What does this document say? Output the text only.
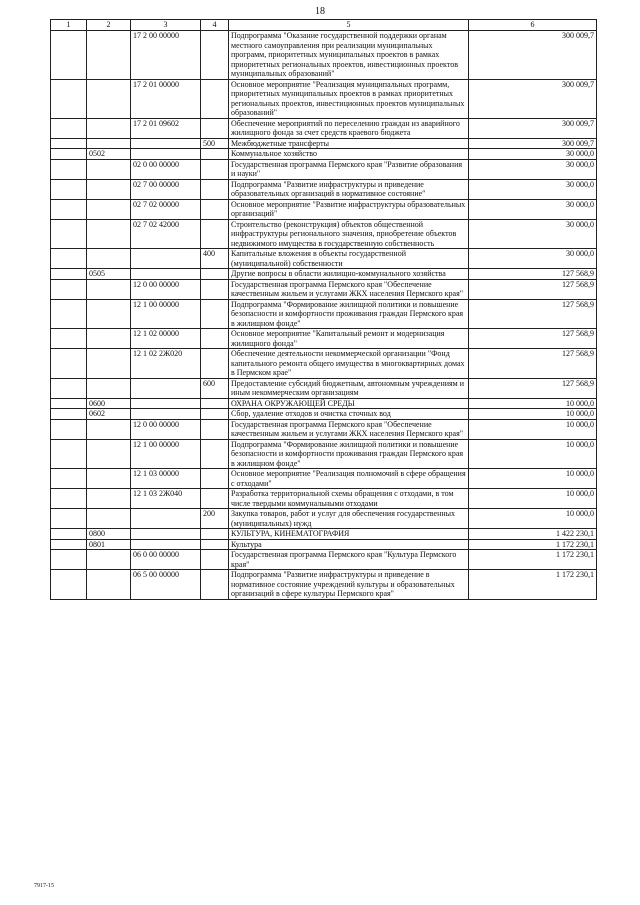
18
1	2	3	4	5	6
		17 2 00 00000		Подпрограмма "Оказание государственной поддержки органам местного самоуправления при реализации муниципальных программ, приоритетных муниципальных проектов в рамках приоритетных региональных проектов, инвестиционных проектов муниципальных образований"	300 009,7
		17 2 01 00000		Основное мероприятие "Реализация муниципальных программ, приоритетных муниципальных проектов в рамках приоритетных региональных проектов, инвестиционных проектов муниципальных образований"	300 009,7
		17 2 01 09602		Обеспечение мероприятий по переселению граждан из аварийного жилищного фонда за счет средств краевого бюджета	300 009,7
			500	Межбюджетные трансферты	300 009,7
	0502			Коммунальное хозяйство	30 000,0
		02 0 00 00000		Государственная программа Пермского края "Развитие образования и науки"	30 000,0
		02 7 00 00000		Подпрограмма "Развитие инфраструктуры и приведение образовательных организаций в нормативное состояние"	30 000,0
		02 7 02 00000		Основное мероприятие "Развитие инфраструктуры образовательных организаций"	30 000,0
		02 7 02 42000		Строительство (реконструкция) объектов общественной инфраструктуры регионального значения, приобретение объектов недвижимого имущества в государственную собственность	30 000,0
			400	Капитальные вложения в объекты государственной (муниципальной) собственности	30 000,0
	0505			Другие вопросы в области жилищно-коммунального хозяйства	127 568,9
		12 0 00 00000		Государственная программа Пермского края "Обеспечение качественным жильем и услугами ЖКХ населения Пермского края"	127 568,9
		12 1 00 00000		Подпрограмма "Формирование жилищной политики и повышение безопасности и комфортности проживания граждан Пермского края в жилищном фонде"	127 568,9
		12 1 02 00000		Основное мероприятие "Капитальный ремонт и модернизация жилищного фонда"	127 568,9
		12 1 02 2Ж020		Обеспечение деятельности некоммерческой организации "Фонд капитального ремонта общего имущества в многоквартирных домах в Пермском крае"	127 568,9
			600	Предоставление субсидий бюджетным, автономным учреждениям и иным некоммерческим организациям	127 568,9
	0600			ОХРАНА ОКРУЖАЮЩЕЙ СРЕДЫ	10 000,0
	0602			Сбор, удаление отходов и очистка сточных вод	10 000,0
		12 0 00 00000		Государственная программа Пермского края "Обеспечение качественным жильем и услугами ЖКХ населения Пермского края"	10 000,0
		12 1 00 00000		Подпрограмма "Формирование жилищной политики и повышение безопасности и комфортности проживания граждан Пермского края в жилищном фонде"	10 000,0
		12 1 03 00000		Основное мероприятие "Реализация полномочий в сфере обращения с отходами"	10 000,0
		12 1 03 2Ж040		Разработка территориальной схемы обращения с отходами, в том числе твердыми коммунальными отходами	10 000,0
			200	Закупка товаров, работ и услуг для обеспечения государственных (муниципальных) нужд	10 000,0
	0800			КУЛЬТУРА, КИНЕМАТОГРАФИЯ	1 422 230,1
	0801			Культура	1 172 230,1
		06 0 00 00000		Государственная программа Пермского края "Культура Пермского края"	1 172 230,1
		06 5 00 00000		Подпрограмма "Развитие инфраструктуры и приведение в нормативное состояние учреждений культуры и образовательных организаций в сфере культуры Пермского края"	1 172 230,1
7917-15
